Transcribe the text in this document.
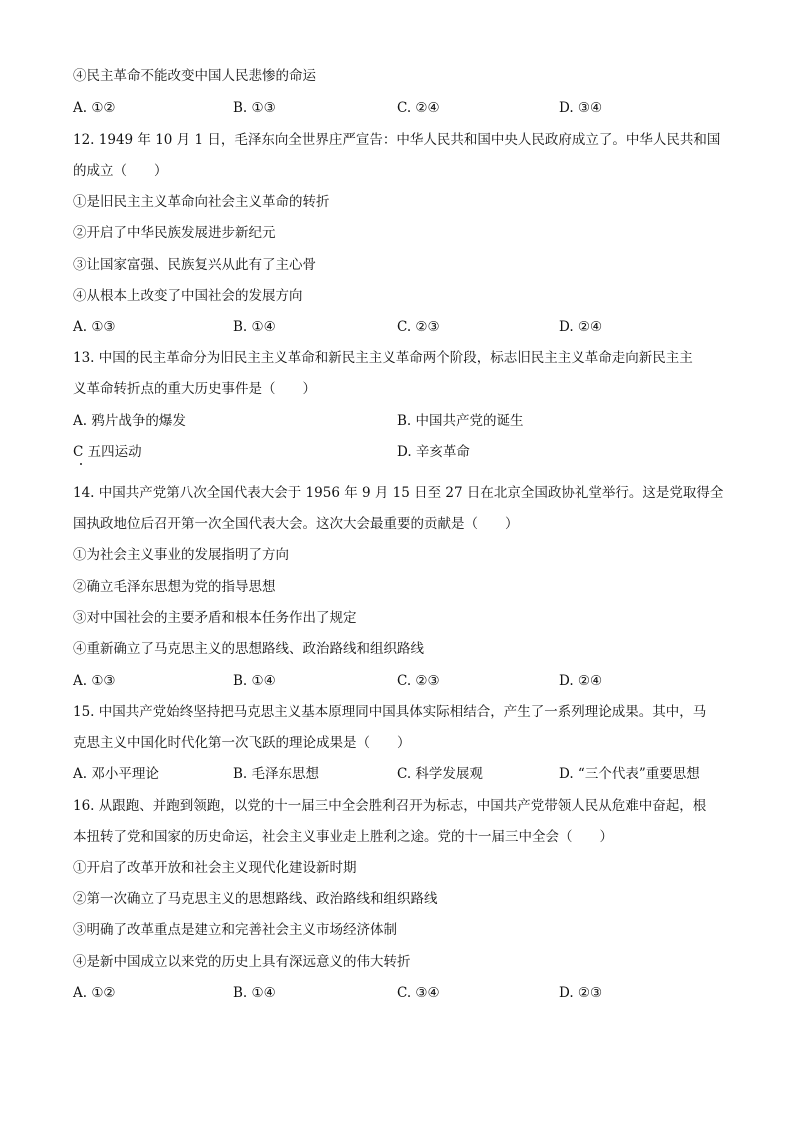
④民主革命不能改变中国人民悲惨的命运
A. ①②	B. ①③	C. ②④	D. ③④
12. 1949 年 10 月 1 日，毛泽东向全世界庄严宣告：中华人民共和国中央人民政府成立了。中华人民共和国
的成立（　　）
①是旧民主主义革命向社会主义革命的转折
②开启了中华民族发展进步新纪元
③让国家富强、民族复兴从此有了主心骨
④从根本上改变了中国社会的发展方向
A. ①③	B. ①④	C. ②③	D. ②④
13. 中国的民主革命分为旧民主主义革命和新民主主义革命两个阶段，标志旧民主主义革命走向新民主主
义革命转折点的重大历史事件是（　　）
A. 鸦片战争的爆发	B. 中国共产党的诞生
C 五四运动	D. 辛亥革命
14. 中国共产党第八次全国代表大会于 1956 年 9 月 15 日至 27 日在北京全国政协礼堂举行。这是党取得全
国执政地位后召开第一次全国代表大会。这次大会最重要的贡献是（　　）
①为社会主义事业的发展指明了方向
②确立毛泽东思想为党的指导思想
③对中国社会的主要矛盾和根本任务作出了规定
④重新确立了马克思主义的思想路线、政治路线和组织路线
A. ①③	B. ①④	C. ②③	D. ②④
15. 中国共产党始终坚持把马克思主义基本原理同中国具体实际相结合，产生了一系列理论成果。其中，马
克思主义中国化时代化第一次飞跃的理论成果是（　　）
A. 邓小平理论	B. 毛泽东思想	C. 科学发展观	D. “三个代表”重要思想
16. 从跟跑、并跑到领跑，以党的十一届三中全会胜利召开为标志，中国共产党带领人民从危难中奋起，根
本扭转了党和国家的历史命运，社会主义事业走上胜利之途。党的十一届三中全会（　　）
①开启了改革开放和社会主义现代化建设新时期
②第一次确立了马克思主义的思想路线、政治路线和组织路线
③明确了改革重点是建立和完善社会主义市场经济体制
④是新中国成立以来党的历史上具有深远意义的伟大转折
A. ①②	B. ①④	C. ③④	D. ②③
